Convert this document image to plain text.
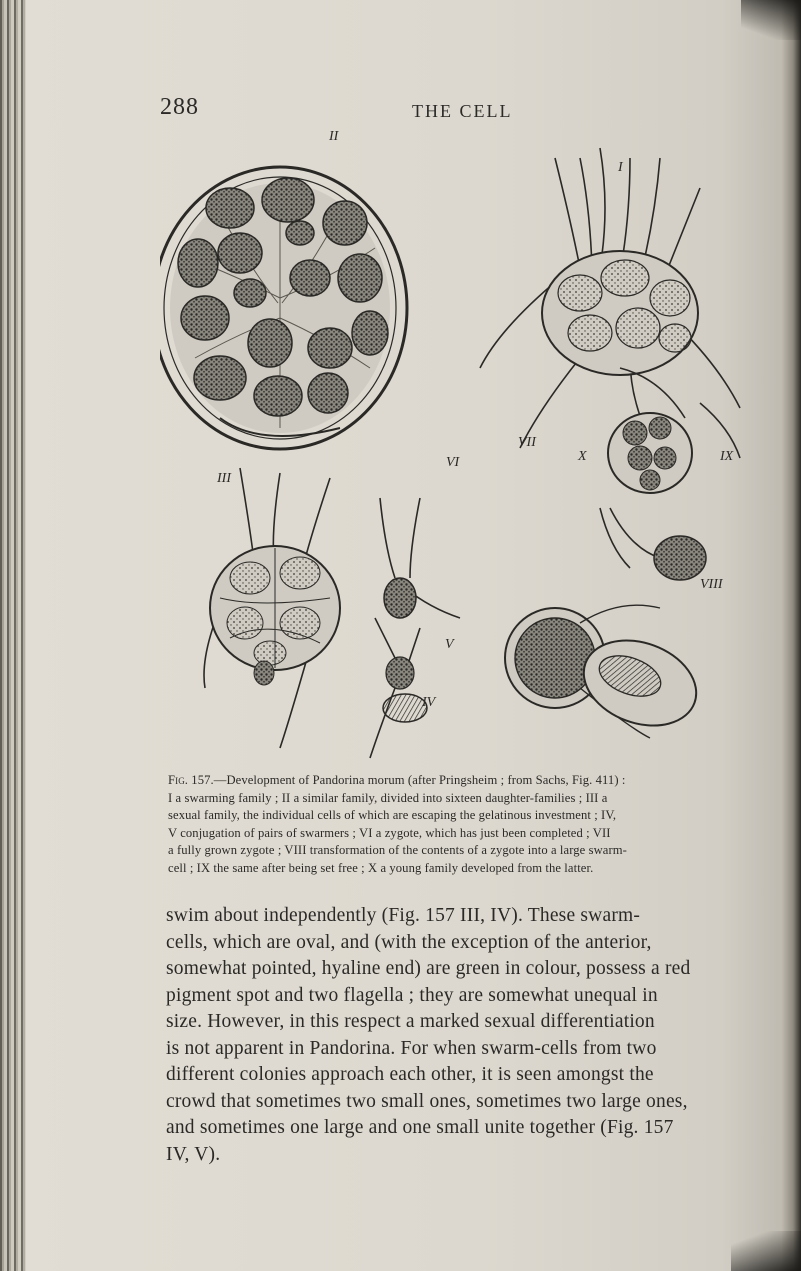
288	THE CELL
II
I
III
VI
VII
X	IX
VIII
V
IV
Fig. 157.—Development of Pandorina morum (after Pringsheim ; from Sachs, Fig. 411) :
I a swarming family ; II a similar family, divided into sixteen daughter-families ; III a
sexual family, the individual cells of which are escaping the gelatinous investment ; IV,
V conjugation of pairs of swarmers ; VI a zygote, which has just been completed ; VII
a fully grown zygote ; VIII transformation of the contents of a zygote into a large swarm-
cell ; IX the same after being set free ; X a young family developed from the latter.
swim about independently (Fig. 157 III, IV). These swarm-
cells, which are oval, and (with the exception of the anterior,
somewhat pointed, hyaline end) are green in colour, possess a red
pigment spot and two flagella ; they are somewhat unequal in
size. However, in this respect a marked sexual differentiation
is not apparent in Pandorina. For when swarm-cells from two
different colonies approach each other, it is seen amongst the
crowd that sometimes two small ones, sometimes two large ones,
and sometimes one large and one small unite together (Fig. 157
IV, V).
